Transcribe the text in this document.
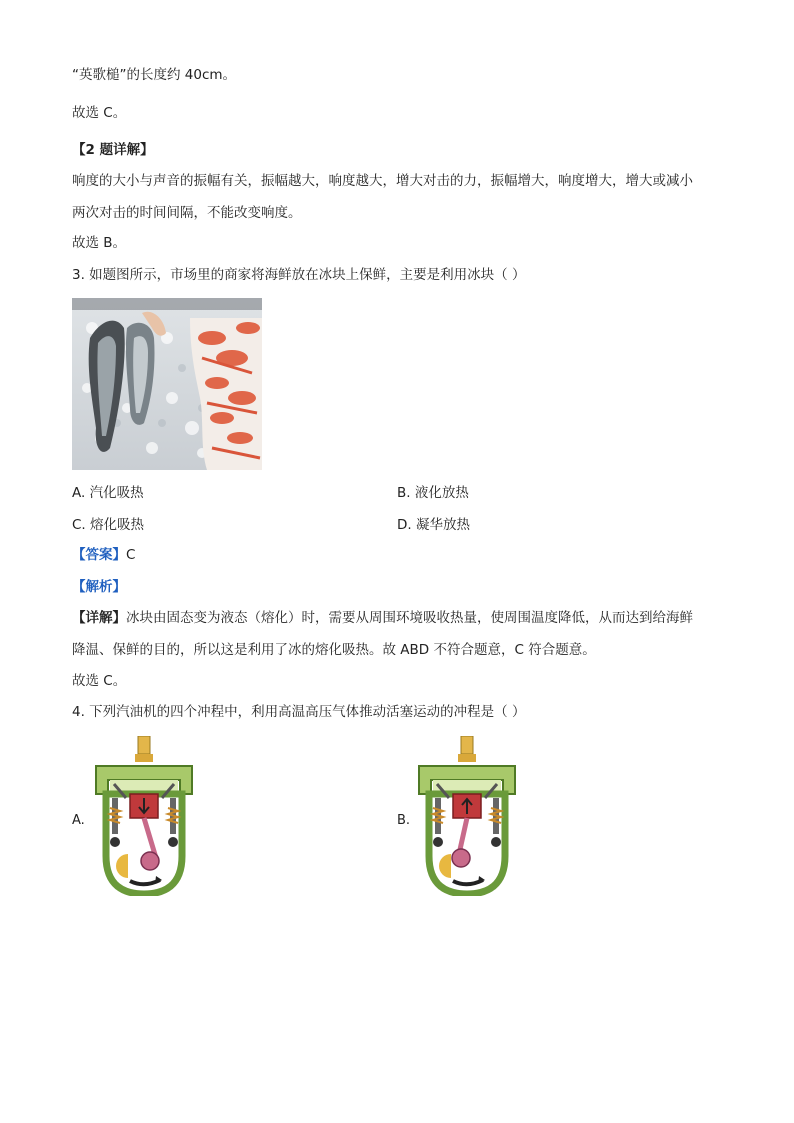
“英歌槌”的长度约 40cm。
故选 C。
【2 题详解】
响度的大小与声音的振幅有关，振幅越大，响度越大，增大对击的力，振幅增大，响度增大，增大或减小
两次对击的时间间隔，不能改变响度。
故选 B。
3. 如题图所示，市场里的商家将海鲜放在冰块上保鲜，主要是利用冰块（ ）
A. 汽化吸热	B. 液化放热
C. 熔化吸热	D. 凝华放热
【答案】C
【解析】
【详解】冰块由固态变为液态（熔化）时，需要从周围环境吸收热量，使周围温度降低，从而达到给海鲜
降温、保鲜的目的，所以这是利用了冰的熔化吸热。故 ABD 不符合题意，C 符合题意。
故选 C。
4. 下列汽油机的四个冲程中，利用高温高压气体推动活塞运动的冲程是（ ）
A.	B.
